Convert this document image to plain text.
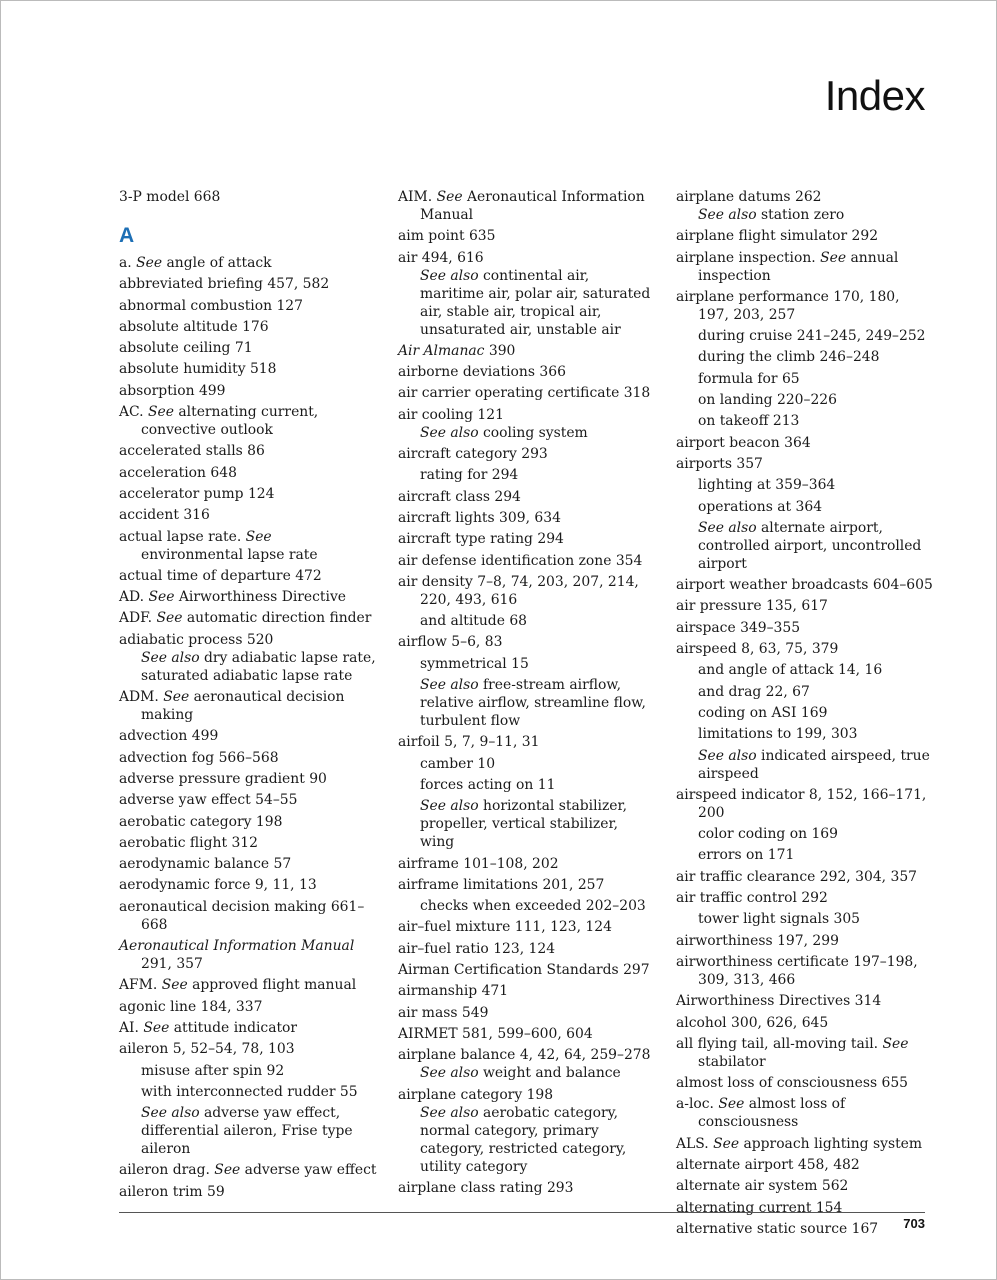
Index

3-P model 668

A

a. See angle of attack

abbreviated briefing 457, 582

abnormal combustion 127

absolute altitude 176

absolute ceiling 71

absolute humidity 518

absorption 499

AC. See alternating current, convective outlook

accelerated stalls 86

acceleration 648

accelerator pump 124

accident 316

actual lapse rate. See environmental lapse rate

actual time of departure 472

AD. See Airworthiness Directive

ADF. See automatic direction finder

adiabatic process 520

See also dry adiabatic lapse rate, saturated adiabatic lapse rate

ADM. See aeronautical decision making

advection 499

advection fog 566–568

adverse pressure gradient 90

adverse yaw effect 54–55

aerobatic category 198

aerobatic flight 312

aerodynamic balance 57

aerodynamic force 9, 11, 13

aeronautical decision making 661–668

Aeronautical Information Manual

291, 357

AFM. See approved flight manual

agonic line 184, 337

AI. See attitude indicator

aileron 5, 52–54, 78, 103

misuse after spin 92

with interconnected rudder 55

See also adverse yaw effect, differential aileron, Frise type aileron

aileron drag. See adverse yaw effect

aileron trim 59

AIM. See Aeronautical Information Manual

aim point 635

air 494, 616

See also continental air, maritime air, polar air, saturated air, stable air, tropical air, unsaturated air, unstable air

Air Almanac 390

airborne deviations 366

air carrier operating certificate 318

air cooling 121

See also cooling system

aircraft category 293

rating for 294

aircraft class 294

aircraft lights 309, 634

aircraft type rating 294

air defense identification zone 354

air density 7–8, 74, 203, 207, 214, 220, 493, 616

and altitude 68

airflow 5–6, 83

symmetrical 15

See also free-stream airflow, relative airflow, streamline flow, turbulent flow

airfoil 5, 7, 9–11, 31

camber 10

forces acting on 11

See also horizontal stabilizer, propeller, vertical stabilizer, wing

airframe 101–108, 202

airframe limitations 201, 257

checks when exceeded 202–203

air–fuel mixture 111, 123, 124

air–fuel ratio 123, 124

Airman Certification Standards 297

airmanship 471

air mass 549

AIRMET 581, 599–600, 604

airplane balance 4, 42, 64, 259–278

See also weight and balance

airplane category 198

See also aerobatic category, normal category, primary category, restricted category, utility category

airplane class rating 293

airplane datums 262

See also station zero

airplane flight simulator 292

airplane inspection. See annual inspection

airplane performance 170, 180, 197, 203, 257

during cruise 241–245, 249–252

during the climb 246–248

formula for 65

on landing 220–226

on takeoff 213

airport beacon 364

airports 357

lighting at 359–364

operations at 364

See also alternate airport, controlled airport, uncontrolled airport

airport weather broadcasts 604–605

air pressure 135, 617

airspace 349–355

airspeed 8, 63, 75, 379

and angle of attack 14, 16

and drag 22, 67

coding on ASI 169

limitations to 199, 303

See also indicated airspeed, true airspeed

airspeed indicator 8, 152, 166–171, 200

color coding on 169

errors on 171

air traffic clearance 292, 304, 357

air traffic control 292

tower light signals 305

airworthiness 197, 299

airworthiness certificate 197–198, 309, 313, 466

Airworthiness Directives 314

alcohol 300, 626, 645

all flying tail, all-moving tail. See stabilator

almost loss of consciousness 655

a-loc. See almost loss of consciousness

ALS. See approach lighting system

alternate airport 458, 482

alternate air system 562

alternating current 154

alternative static source 167	703
